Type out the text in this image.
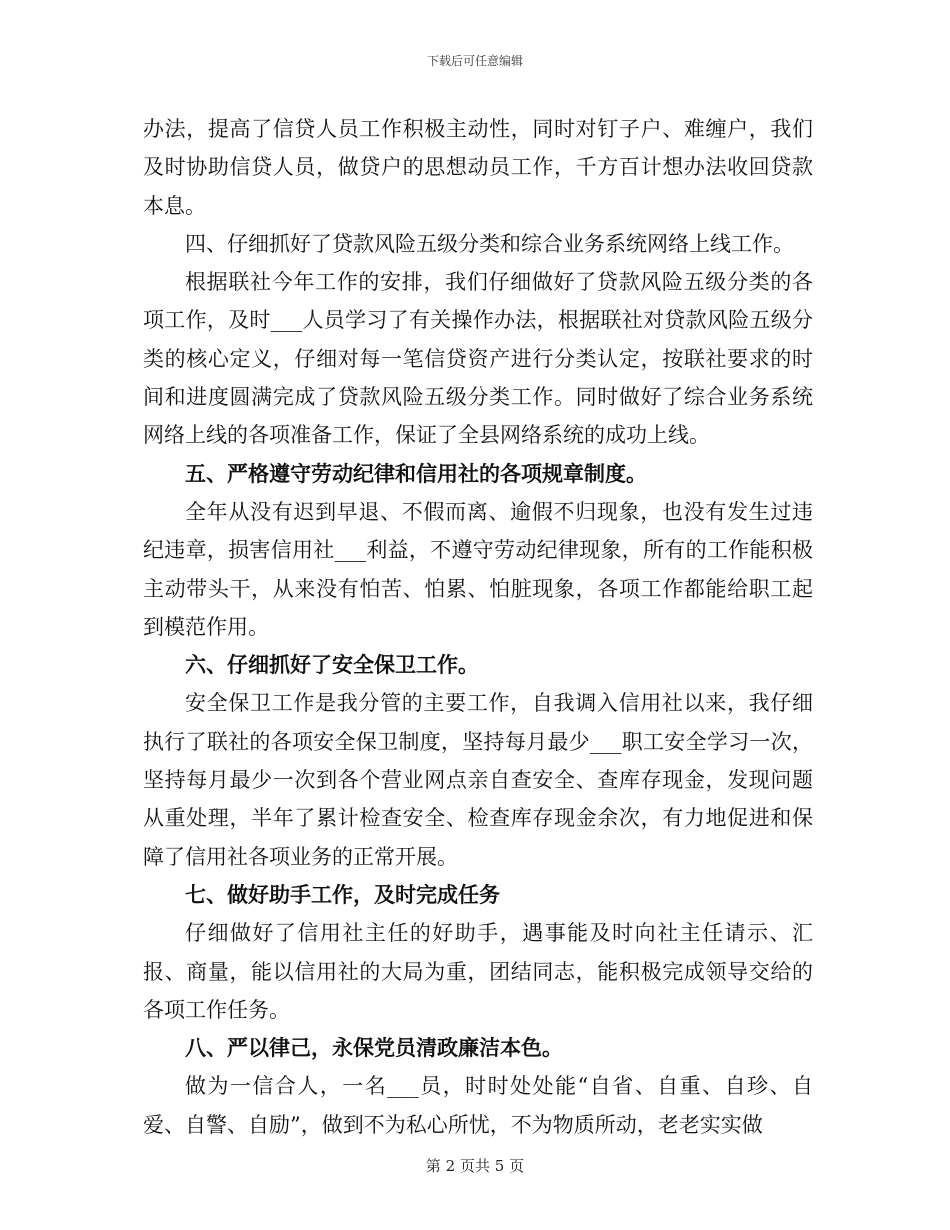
下载后可任意编辑

办法，提高了信贷人员工作积极主动性，同时对钉子户、难缠户，我们及时协助信贷人员，做贷户的思想动员工作，千方百计想办法收回贷款本息。

四、仔细抓好了贷款风险五级分类和综合业务系统网络上线工作。

根据联社今年工作的安排，我们仔细做好了贷款风险五级分类的各项工作，及时___人员学习了有关操作办法，根据联社对贷款风险五级分类的核心定义，仔细对每一笔信贷资产进行分类认定，按联社要求的时间和进度圆满完成了贷款风险五级分类工作。同时做好了综合业务系统网络上线的各项准备工作，保证了全县网络系统的成功上线。

五、严格遵守劳动纪律和信用社的各项规章制度。

全年从没有迟到早退、不假而离、逾假不归现象，也没有发生过违纪违章，损害信用社___利益，不遵守劳动纪律现象，所有的工作能积极主动带头干，从来没有怕苦、怕累、怕脏现象，各项工作都能给职工起到模范作用。

六、仔细抓好了安全保卫工作。

安全保卫工作是我分管的主要工作，自我调入信用社以来，我仔细执行了联社的各项安全保卫制度，坚持每月最少___职工安全学习一次，坚持每月最少一次到各个营业网点亲自查安全、查库存现金，发现问题从重处理，半年了累计检查安全、检查库存现金余次，有力地促进和保障了信用社各项业务的正常开展。

七、做好助手工作，及时完成任务

仔细做好了信用社主任的好助手，遇事能及时向社主任请示、汇报、商量，能以信用社的大局为重，团结同志，能积极完成领导交给的各项工作任务。

八、严以律己，永保党员清政廉洁本色。

做为一信合人，一名___员，时时处处能“自省、自重、自珍、自爱、自警、自励”，做到不为私心所忧，不为物质所动，老老实实做

第 2 页共 5 页
